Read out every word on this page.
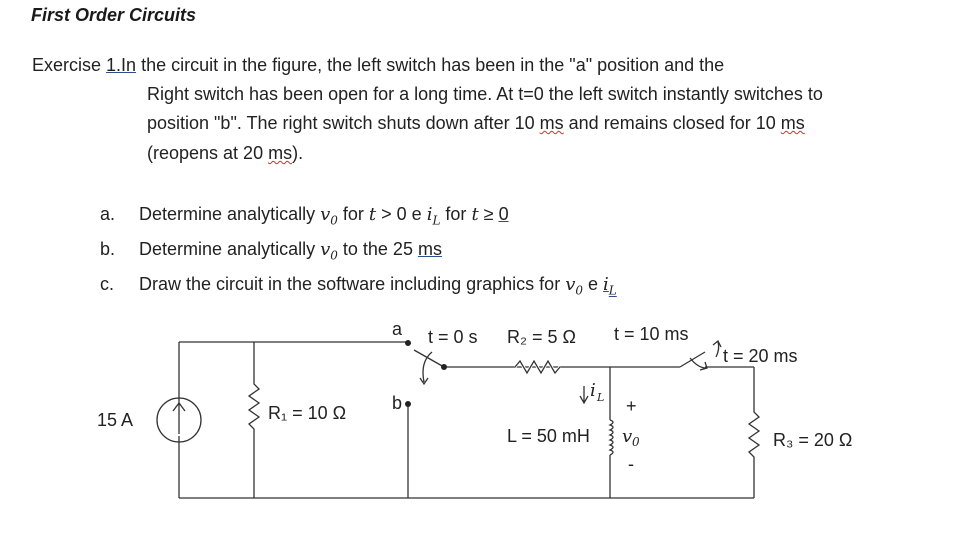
First Order Circuits
Exercise 1.In the circuit in the figure, the left switch has been in the "a" position and the
Right switch has been open for a long time. At t=0 the left switch instantly switches to
position "b". The right switch shuts down after 10 ms and remains closed for 10 ms
(reopens at 20 ms).
a. Determine analytically $v_0$ for t > 0 e $i_L$ for t ≥ 0
b. Determine analytically $v_0$ to the 25 ms
c. Draw the circuit in the software including graphics for $v_0$ e $i_L$
15 A	R₁ = 10 Ω
a
b
t = 0 s R₂ = 5 Ω t = 10 ms
t = 20 ms
i L +
L = 50 mH v 0
-
R₃ = 20 Ω
